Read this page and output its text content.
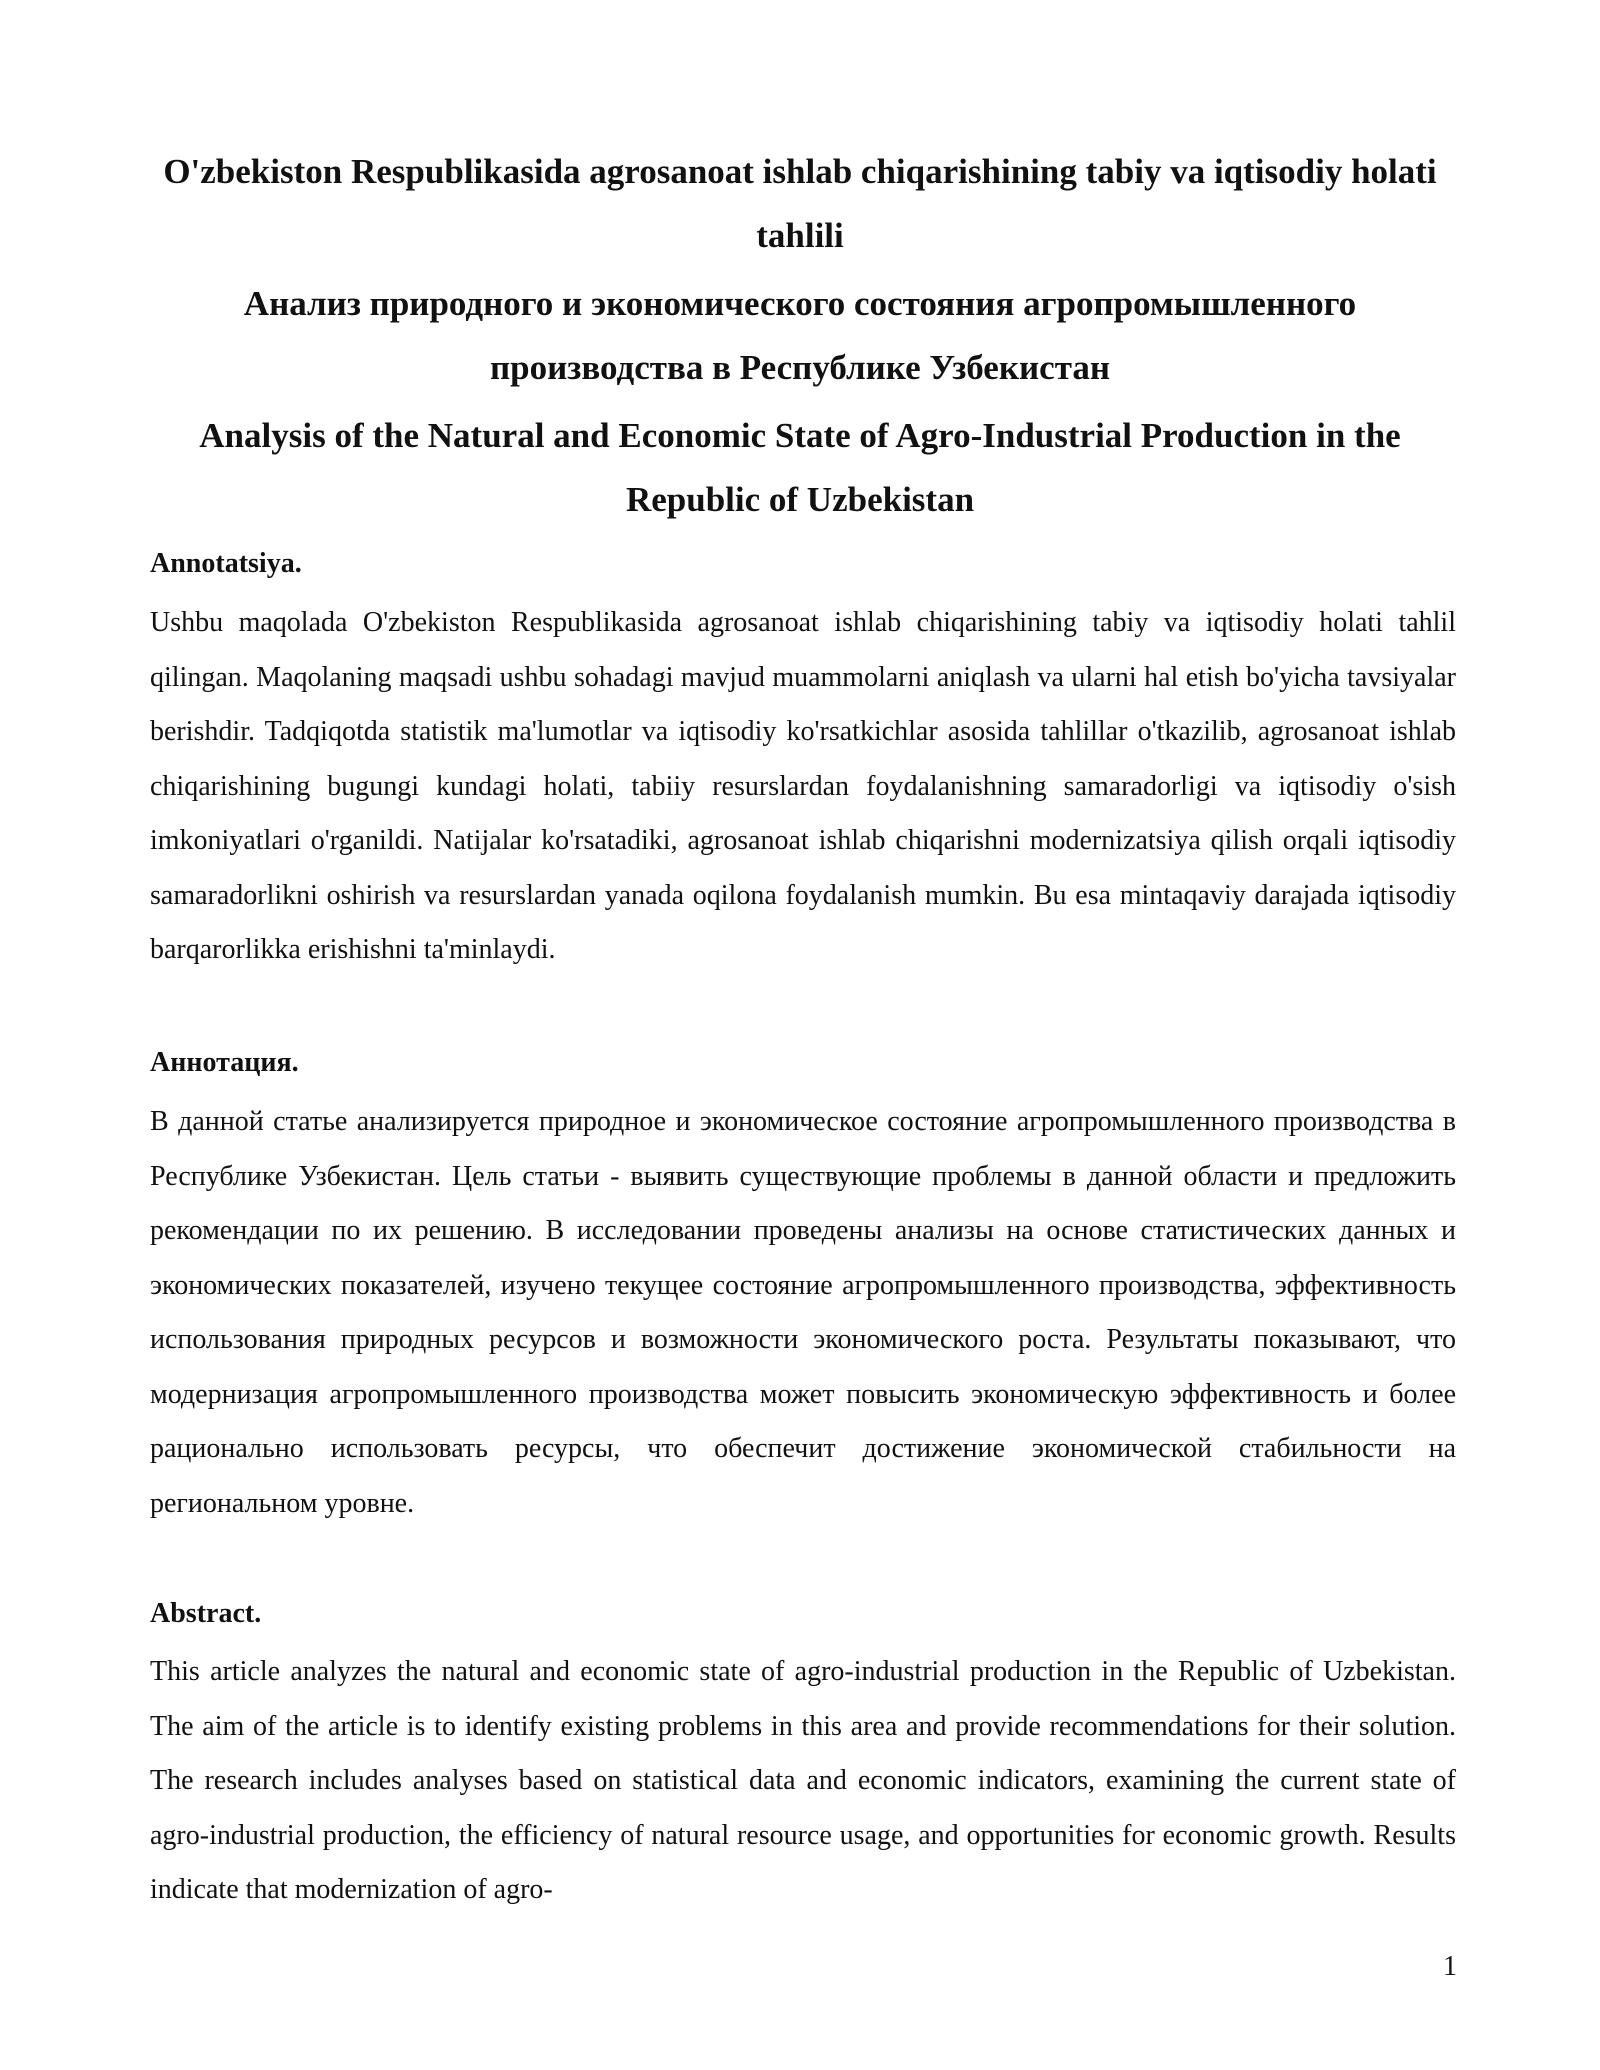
O'zbekiston Respublikasida agrosanoat ishlab chiqarishining tabiy va iqtisodiy holati tahlili
Анализ природного и экономического состояния агропромышленного производства в Республике Узбекистан
Analysis of the Natural and Economic State of Agro-Industrial Production in the Republic of Uzbekistan
Annotatsiya.
Ushbu maqolada O'zbekiston Respublikasida agrosanoat ishlab chiqarishining tabiy va iqtisodiy holati tahlil qilingan. Maqolaning maqsadi ushbu sohadagi mavjud muammolarni aniqlash va ularni hal etish bo'yicha tavsiyalar berishdir. Tadqiqotda statistik ma'lumotlar va iqtisodiy ko'rsatkichlar asosida tahlillar o'tkazilib, agrosanoat ishlab chiqarishining bugungi kundagi holati, tabiiy resurslardan foydalanishning samaradorligi va iqtisodiy o'sish imkoniyatlari o'rganildi. Natijalar ko'rsatadiki, agrosanoat ishlab chiqarishni modernizatsiya qilish orqali iqtisodiy samaradorlikni oshirish va resurslardan yanada oqilona foydalanish mumkin. Bu esa mintaqaviy darajada iqtisodiy barqarorlikka erishishni ta'minlaydi.
Аннотация.
В данной статье анализируется природное и экономическое состояние агропромышленного производства в Республике Узбекистан. Цель статьи - выявить существующие проблемы в данной области и предложить рекомендации по их решению. В исследовании проведены анализы на основе статистических данных и экономических показателей, изучено текущее состояние агропромышленного производства, эффективность использования природных ресурсов и возможности экономического роста. Результаты показывают, что модернизация агропромышленного производства может повысить экономическую эффективность и более рационально использовать ресурсы, что обеспечит достижение экономической стабильности на региональном уровне.
Abstract.
This article analyzes the natural and economic state of agro-industrial production in the Republic of Uzbekistan. The aim of the article is to identify existing problems in this area and provide recommendations for their solution. The research includes analyses based on statistical data and economic indicators, examining the current state of agro-industrial production, the efficiency of natural resource usage, and opportunities for economic growth. Results indicate that modernization of agro-
1
